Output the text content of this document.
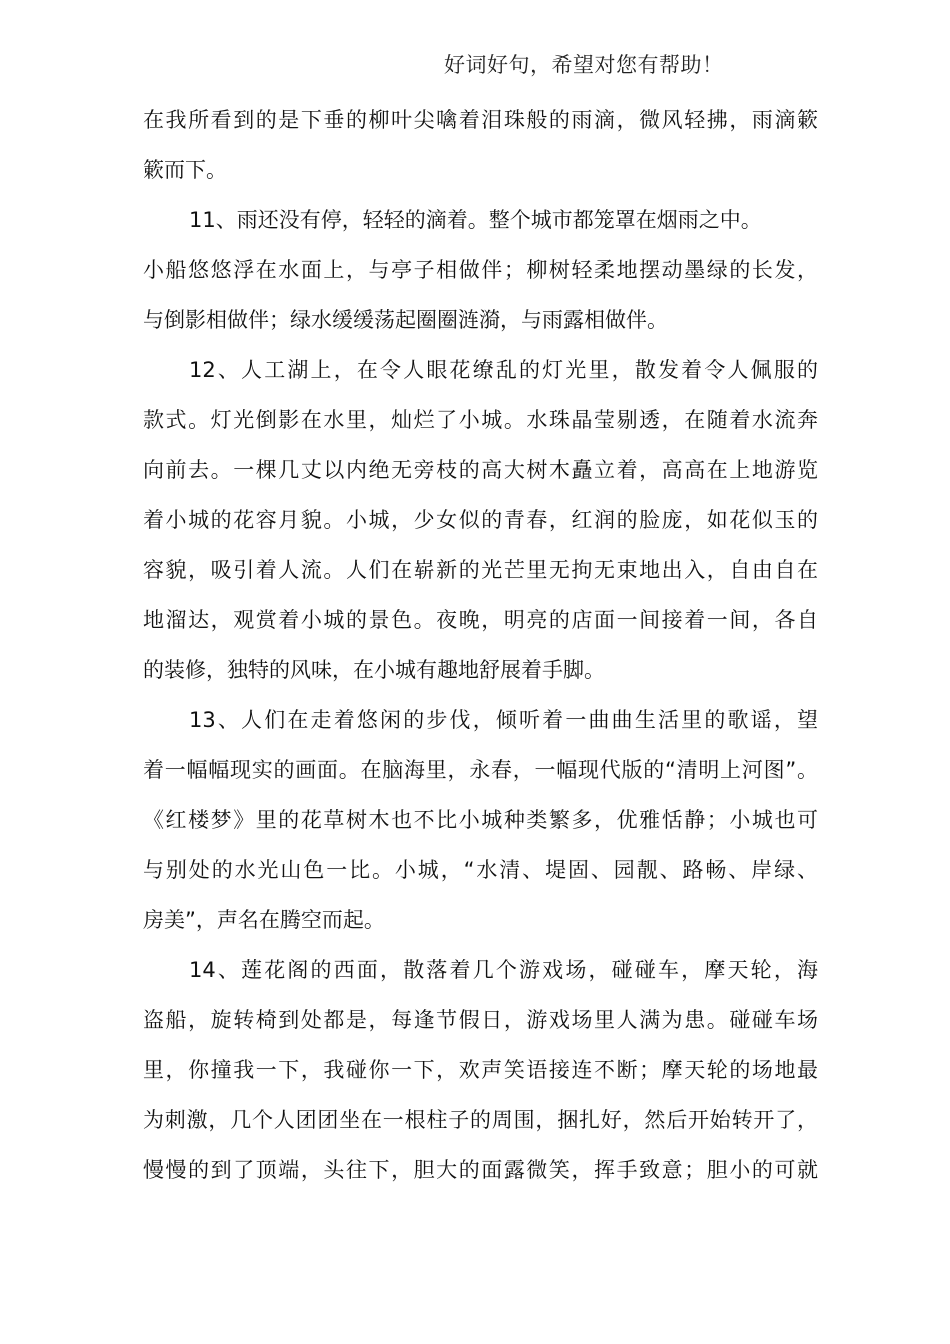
好词好句，希望对您有帮助！
在我所看到的是下垂的柳叶尖噙着泪珠般的雨滴，微风轻拂，雨滴簌
簌而下。
11、雨还没有停，轻轻的滴着。整个城市都笼罩在烟雨之中。
小船悠悠浮在水面上，与亭子相做伴；柳树轻柔地摆动墨绿的长发，
与倒影相做伴；绿水缓缓荡起圈圈涟漪，与雨露相做伴。
12、人工湖上，在令人眼花缭乱的灯光里，散发着令人佩服的
款式。灯光倒影在水里，灿烂了小城。水珠晶莹剔透，在随着水流奔
向前去。一棵几丈以内绝无旁枝的高大树木矗立着，高高在上地游览
着小城的花容月貌。小城，少女似的青春，红润的脸庞，如花似玉的
容貌，吸引着人流。人们在崭新的光芒里无拘无束地出入，自由自在
地溜达，观赏着小城的景色。夜晚，明亮的店面一间接着一间，各自
的装修，独特的风味，在小城有趣地舒展着手脚。
13、人们在走着悠闲的步伐，倾听着一曲曲生活里的歌谣，望
着一幅幅现实的画面。在脑海里，永春，一幅现代版的“清明上河图”。
《红楼梦》里的花草树木也不比小城种类繁多，优雅恬静；小城也可
与别处的水光山色一比。小城，“水清、堤固、园靓、路畅、岸绿、
房美”，声名在腾空而起。
14、莲花阁的西面，散落着几个游戏场，碰碰车，摩天轮，海
盗船，旋转椅到处都是，每逢节假日，游戏场里人满为患。碰碰车场
里，你撞我一下，我碰你一下，欢声笑语接连不断；摩天轮的场地最
为刺激，几个人团团坐在一根柱子的周围，捆扎好，然后开始转开了，
慢慢的到了顶端，头往下，胆大的面露微笑，挥手致意；胆小的可就
